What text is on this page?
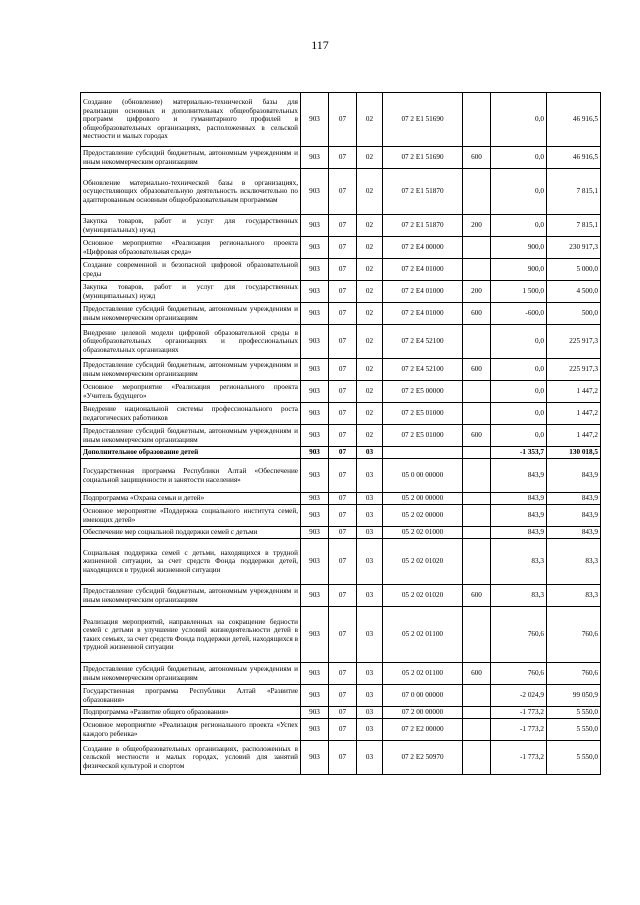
117
Создание (обновление) материально-технической базы для реализации основных и дополнительных общеобразовательных программ цифрового и гуманитарного профилей в общеобразовательных организациях, расположенных в сельской местности и малых городах	903	07	02	07 2 E1 51690		0,0	46 916,5
Предоставление субсидий бюджетным, автономным учреждениям и иным некоммерческим организациям	903	07	02	07 2 E1 51690	600	0,0	46 916,5
Обновление материально-технической базы в организациях, осуществляющих образовательную деятельность исключительно по адаптированным основным общеобразовательным программам	903	07	02	07 2 E1 51870		0,0	7 815,1
Закупка товаров, работ и услуг для государственных (муниципальных) нужд	903	07	02	07 2 E1 51870	200	0,0	7 815,1
Основное мероприятие «Реализация регионального проекта «Цифровая образовательная среда»	903	07	02	07 2 E4 00000		900,0	230 917,3
Создание современной и безопасной цифровой образовательной среды	903	07	02	07 2 E4 01000		900,0	5 000,0
Закупка товаров, работ и услуг для государственных (муниципальных) нужд	903	07	02	07 2 E4 01000	200	1 500,0	4 500,0
Предоставление субсидий бюджетным, автономным учреждениям и иным некоммерческим организациям	903	07	02	07 2 E4 01000	600	-600,0	500,0
Внедрение целевой модели цифровой образовательной среды в общеобразовательных организациях и профессиональных образовательных организациях	903	07	02	07 2 E4 52100		0,0	225 917,3
Предоставление субсидий бюджетным, автономным учреждениям и иным некоммерческим организациям	903	07	02	07 2 E4 52100	600	0,0	225 917,3
Основное мероприятие «Реализация регионального проекта «Учитель будущего»	903	07	02	07 2 E5 00000		0,0	1 447,2
Внедрение национальной системы профессионального роста педагогических работников	903	07	02	07 2 E5 01000		0,0	1 447,2
Предоставление субсидий бюджетным, автономным учреждениям и иным некоммерческим организациям	903	07	02	07 2 E5 01000	600	0,0	1 447,2
Дополнительное образование детей	903	07	03			-1 353,7	130 018,5
Государственная программа Республики Алтай «Обеспечение социальной защищенности и занятости населения»	903	07	03	05 0 00 00000		843,9	843,9
Подпрограмма «Охрана семьи и детей»	903	07	03	05 2 00 00000		843,9	843,9
Основное мероприятие «Поддержка социального института семей, имеющих детей»	903	07	03	05 2 02 00000		843,9	843,9
Обеспечение мер социальной поддержки семей с детьми	903	07	03	05 2 02 01000		843,9	843,9
Социальная поддержка семей с детьми, находящихся в трудной жизненной ситуации, за счет средств Фонда поддержки детей, находящихся в трудной жизненной ситуации	903	07	03	05 2 02 01020		83,3	83,3
Предоставление субсидий бюджетным, автономным учреждениям и иным некоммерческим организациям	903	07	03	05 2 02 01020	600	83,3	83,3
Реализация мероприятий, направленных на сокращение бедности семей с детьми в улучшение условий жизнедеятельности детей в таких семьях, за счет средств Фонда поддержки детей, находящихся в трудной жизненной ситуации	903	07	03	05 2 02 01100		760,6	760,6
Предоставление субсидий бюджетным, автономным учреждениям и иным некоммерческим организациям	903	07	03	05 2 02 01100	600	760,6	760,6
Государственная программа Республики Алтай «Развитие образования»	903	07	03	07 0 00 00000		-2 024,9	99 050,9
Подпрограмма «Развитие общего образования»	903	07	03	07 2 00 00000		-1 773,2	5 550,0
Основное мероприятие «Реализация регионального проекта «Успех каждого ребенка»	903	07	03	07 2 E2 00000		-1 773,2	5 550,0
Создание в общеобразовательных организациях, расположенных в сельской местности и малых городах, условий для занятий физической культурой и спортом	903	07	03	07 2 E2 50970		-1 773,2	5 550,0
